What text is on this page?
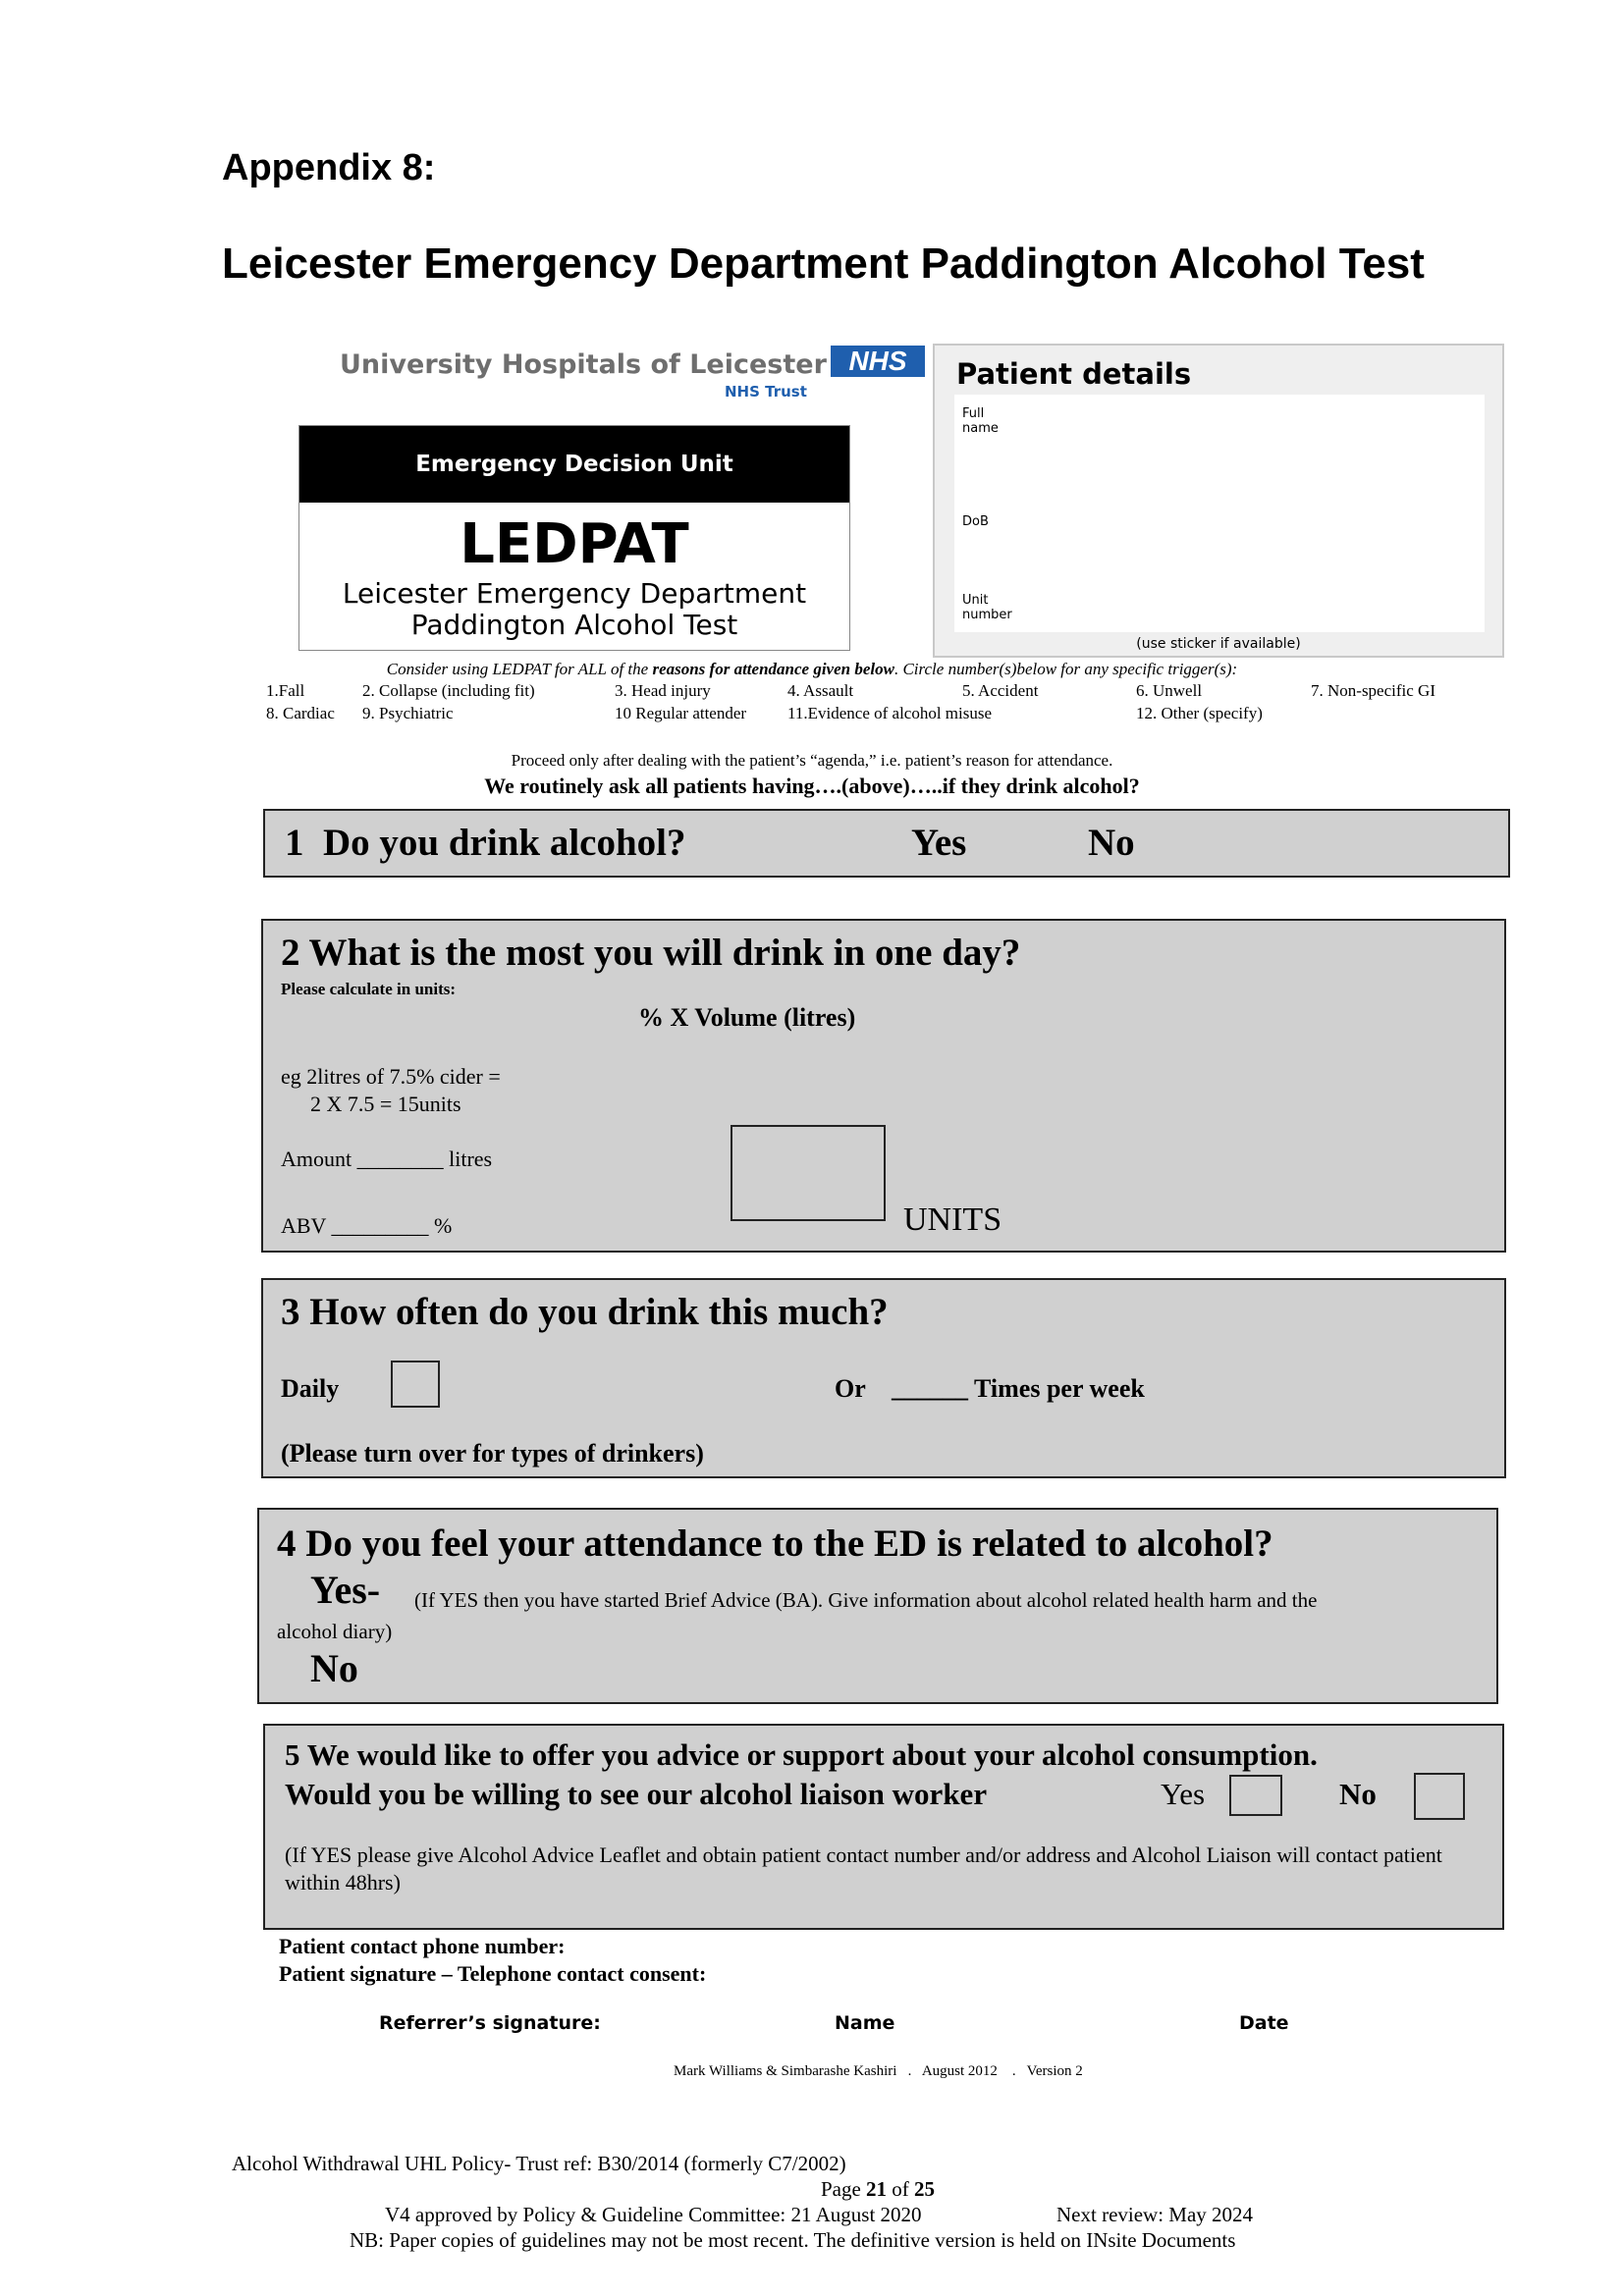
Appendix 8:
Leicester Emergency Department Paddington Alcohol Test
University Hospitals of Leicester NHS
NHS Trust
Emergency Decision Unit
LEDPAT
Leicester Emergency Department
Paddington Alcohol Test
Patient details
Full
name
DoB
Unit
number
(use sticker if available)
Consider using LEDPAT for ALL of the reasons for attendance given below. Circle number(s)below for any specific trigger(s):
1.Fall	2. Collapse (including fit)	3. Head injury	4. Assault	5. Accident	6. Unwell	7. Non-specific GI
8. Cardiac 9. Psychiatric	10 Regular attender 11.Evidence of alcohol misuse	12. Other (specify)
Proceed only after dealing with the patient’s “agenda,” i.e. patient’s reason for attendance.
We routinely ask all patients having….(above)…..if they drink alcohol?
1  Do you drink alcohol?	Yes	No
2 What is the most you will drink in one day?
Please calculate in units:
% X Volume (litres)
eg 2litres of 7.5% cider =
2 X 7.5 = 15units
Amount ________ litres
ABV _________ %	UNITS
3 How often do you drink this much?
Daily	Or ______ Times per week
(Please turn over for types of drinkers)
4 Do you feel your attendance to the ED is related to alcohol?
Yes- (If YES then you have started Brief Advice (BA). Give information about alcohol related health harm and the
alcohol diary)
No
5 We would like to offer you advice or support about your alcohol consumption.
Would you be willing to see our alcohol liaison worker	Yes	No
(If YES please give Alcohol Advice Leaflet and obtain patient contact number and/or address and Alcohol Liaison will contact patient within 48hrs)
Patient contact phone number:
Patient signature – Telephone contact consent:
Referrer’s signature:	Name	Date
Mark Williams & Simbarashe Kashiri   .   August 2012    .   Version 2
Alcohol Withdrawal UHL Policy- Trust ref: B30/2014 (formerly C7/2002)
Page 21 of 25
V4 approved by Policy & Guideline Committee: 21 August 2020	Next review: May 2024
NB: Paper copies of guidelines may not be most recent. The definitive version is held on INsite Documents
